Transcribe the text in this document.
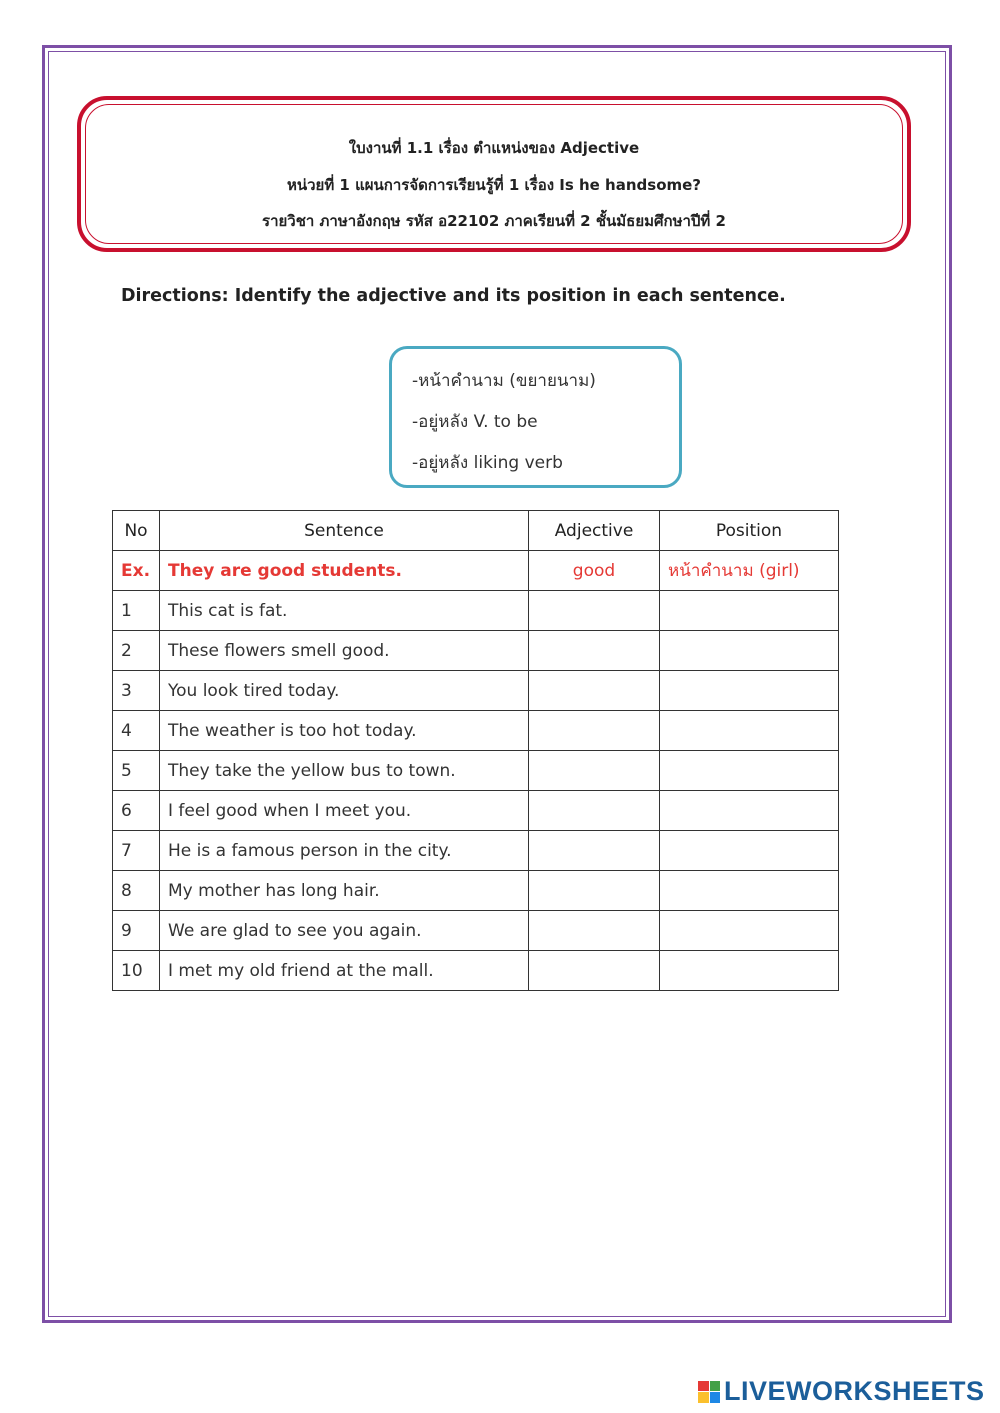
ใบงานที่ 1.1 เรื่อง ตำแหน่งของ Adjective
หน่วยที่ 1 แผนการจัดการเรียนรู้ที่ 1 เรื่อง Is he handsome?
รายวิชา ภาษาอังกฤษ รหัส อ22102 ภาคเรียนที่ 2 ชั้นมัธยมศึกษาปีที่ 2
Directions: Identify the adjective and its position in each sentence.
-หน้าคำนาม (ขยายนาม)
-อยู่หลัง V. to be
-อยู่หลัง liking verb
No	Sentence	Adjective	Position
Ex.	They are good students.	good	หน้าคำนาม (girl)
1	This cat is fat.		
2	These flowers smell good.		
3	You look tired today.		
4	The weather is too hot today.		
5	They take the yellow bus to town.		
6	I feel good when I meet you.		
7	He is a famous person in the city.		
8	My mother has long hair.		
9	We are glad to see you again.		
10	I met my old friend at the mall.		
LIVEWORKSHEETS
